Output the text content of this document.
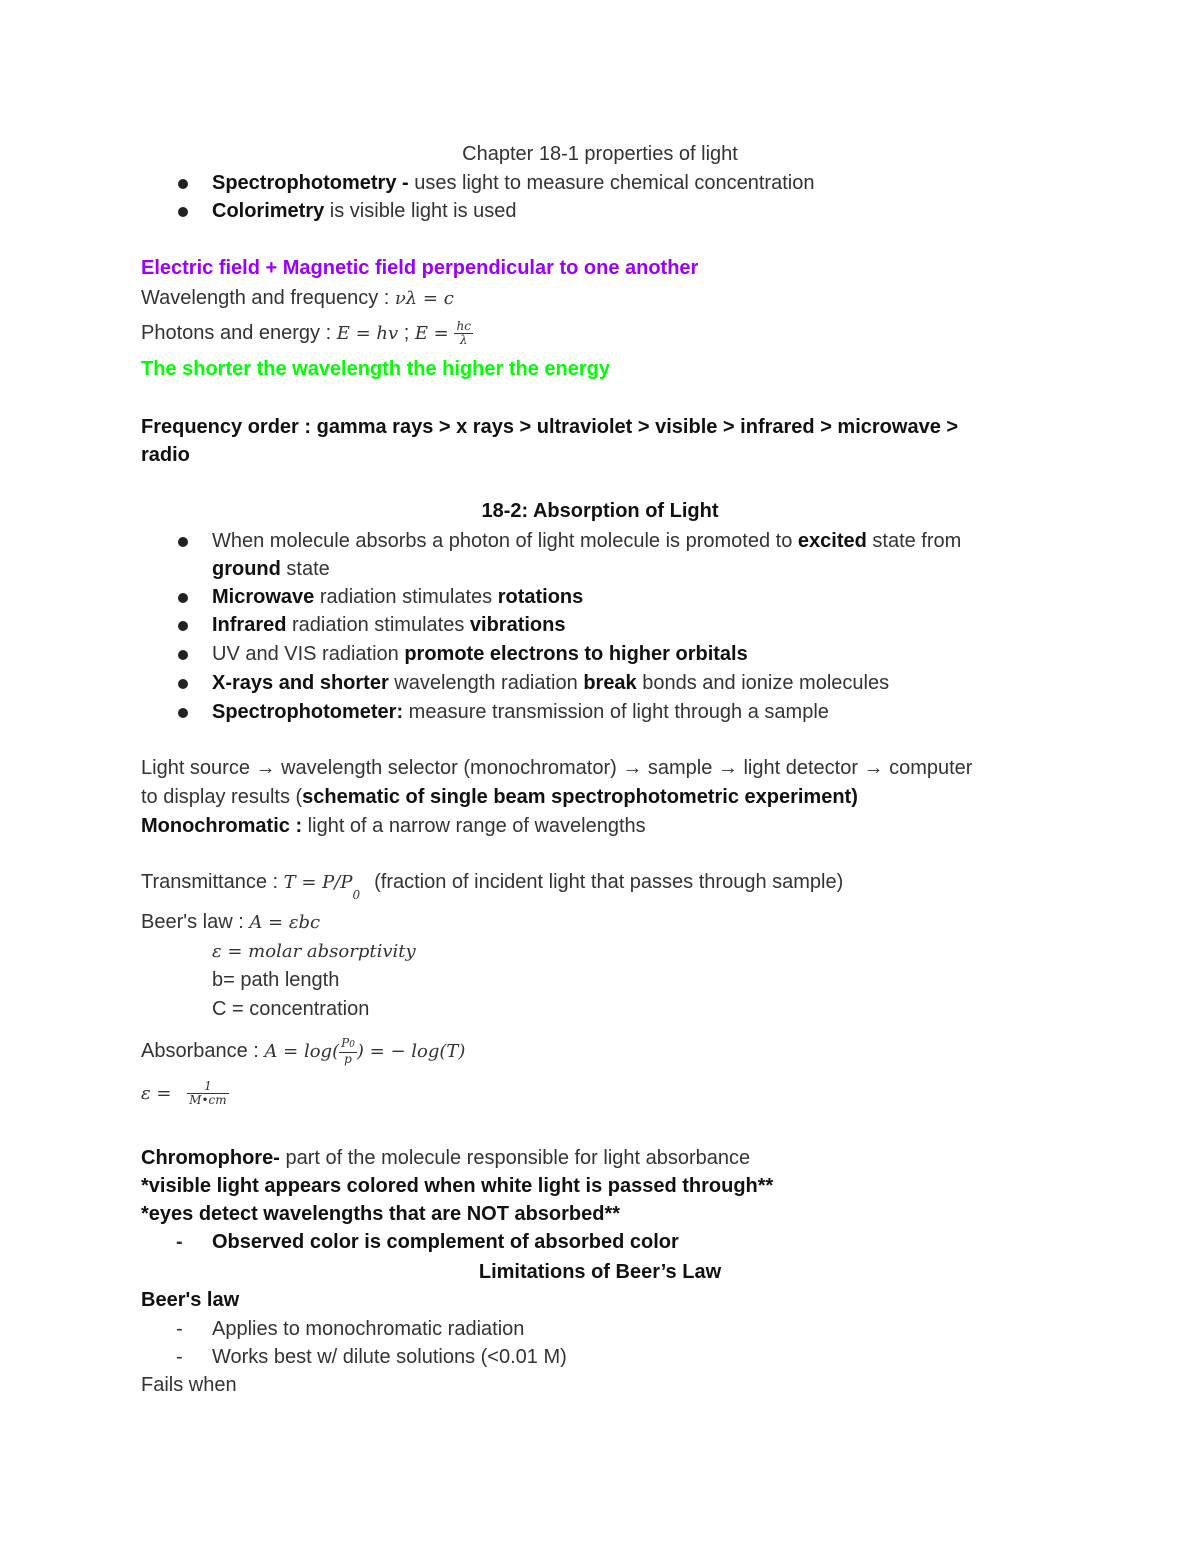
Chapter 18-1 properties of light
Spectrophotometry - uses light to measure chemical concentration
Colorimetry is visible light is used
Electric field + Magnetic field perpendicular to one another
Wavelength and frequency : νλ = c
Photons and energy : E = hv ; $E = \frac{hc}{\lambda}$
The shorter the wavelength the higher the energy
Frequency order : gamma rays > x rays > ultraviolet > visible > infrared > microwave >
radio
18-2: Absorption of Light
When molecule absorbs a photon of light molecule is promoted to excited state from
ground state
Microwave radiation stimulates rotations
Infrared radiation stimulates vibrations
UV and VIS radiation promote electrons to higher orbitals
X-rays and shorter wavelength radiation break bonds and ionize molecules
Spectrophotometer: measure transmission of light through a sample
Light source → wavelength selector (monochromator) → sample → light detector → computer
to display results (schematic of single beam spectrophotometric experiment)
Monochromatic : light of a narrow range of wavelengths
Transmittance : $T = P/P_0(fraction$ of incident light that passes through sample)
Beer's law : A = εbc
ε = molar absorptivity
b= path length
C = concentration
Absorbance : $A = \log( \frac{P0}{p}$ ) = − log(T)
$\varepsilon = \frac{1}{M•cm}$
Chromophore- part of the molecule responsible for light absorbance
*visible light appears colored when white light is passed through**
*eyes detect wavelengths that are NOT absorbed**
- Observed color is complement of absorbed color
Limitations of Beer’s Law
Beer's law
- Applies to monochromatic radiation
- Works best w/ dilute solutions (<0.01 M)
Fails when
